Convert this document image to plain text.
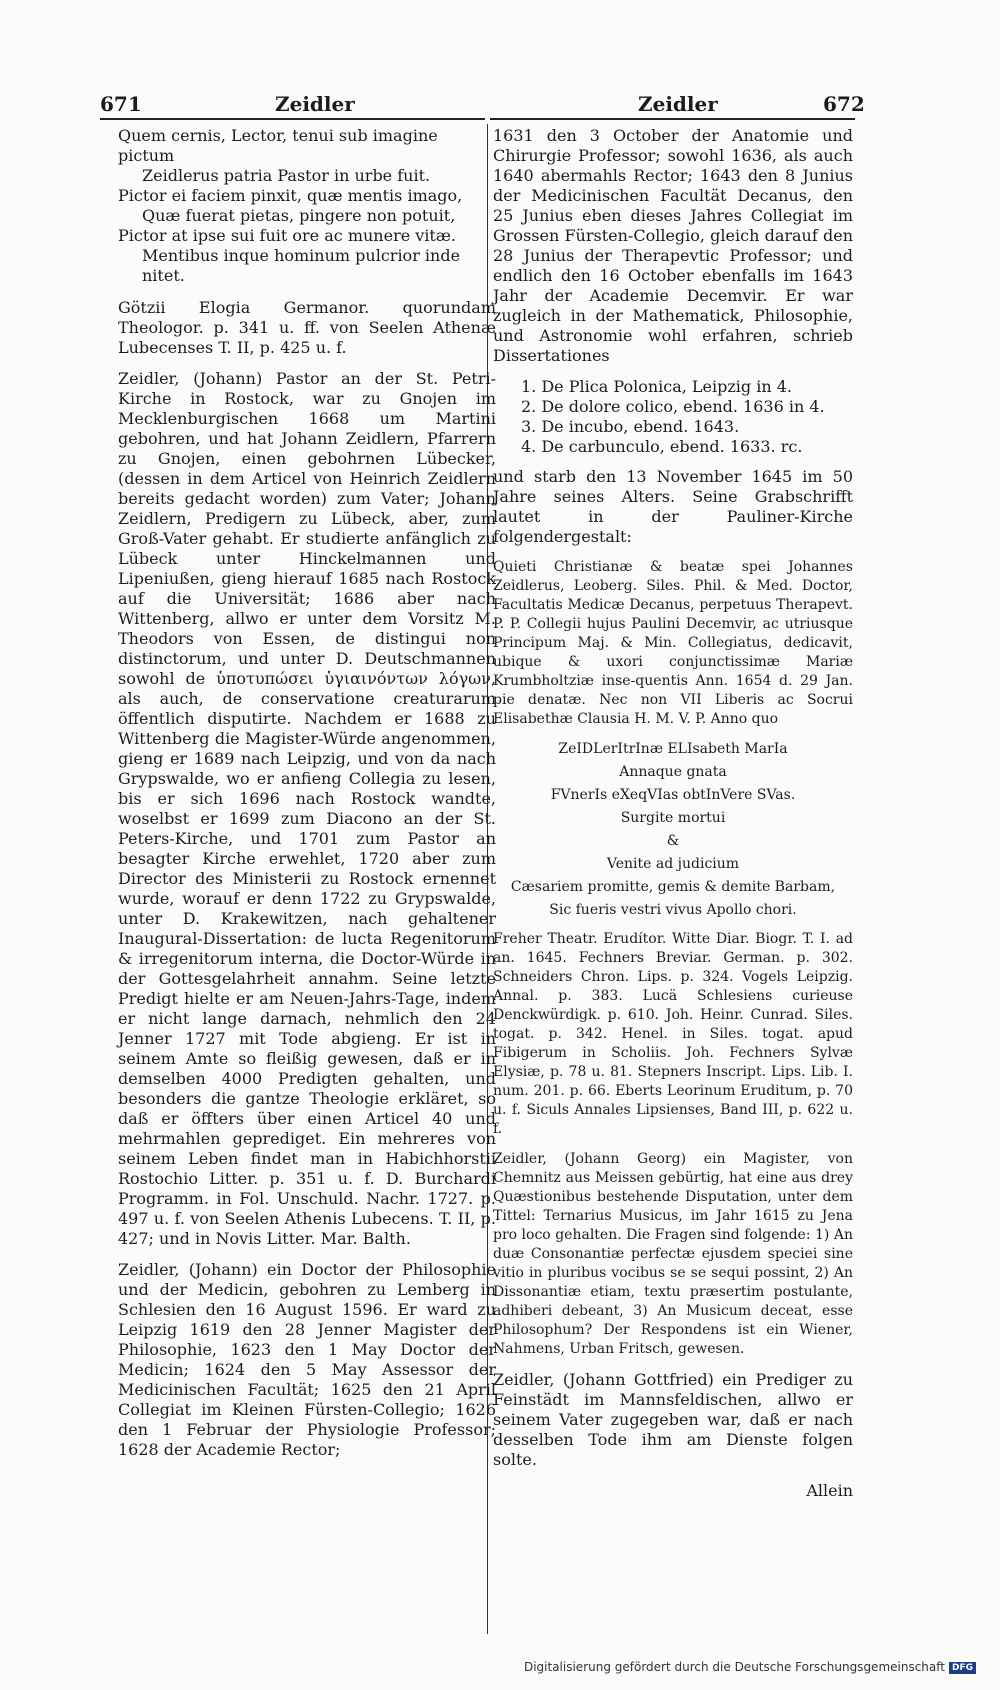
671	Zeidler	Zeidler	672
Quem cernis, Lector, tenui sub imagine pictum
Zeidlerus patria Pastor in urbe fuit.
Pictor ei faciem pinxit, quæ mentis imago,
Quæ fuerat pietas, pingere non potuit,
Pictor at ipse sui fuit ore ac munere vitæ.
Mentibus inque hominum pulcrior inde nitet.

Götzii Elogia Germanor. quorundam Theologor. p. 341 u. ff. von Seelen Athenæ Lubecenses T. II, p. 425 u. f.

Zeidler, (Johann) Pastor an der St. Petri-Kirche in Rostock, war zu Gnojen im Mecklenburgischen 1668 um Martini gebohren, und hat Johann Zeidlern, Pfarrern zu Gnojen, einen gebohrnen Lübecker, (dessen in dem Articel von Heinrich Zeidlern bereits gedacht worden) zum Vater; Johann Zeidlern, Predigern zu Lübeck, aber, zum Groß-Vater gehabt. Er studierte anfänglich zu Lübeck unter Hinckelmannen und Lipeniußen, gieng hierauf 1685 nach Rostock auf die Universität; 1686 aber nach Wittenberg, allwo er unter dem Vorsitz M. Theodors von Essen, de distingui non distinctorum, und unter D. Deutschmannen sowohl de ὑποτυπώσει ὑγιαινόντων λόγων, als auch, de conservatione creaturarum öffentlich disputirte. Nachdem er 1688 zu Wittenberg die Magister-Würde angenommen, gieng er 1689 nach Leipzig, und von da nach Grypswalde, wo er anfieng Collegia zu lesen, bis er sich 1696 nach Rostock wandte, woselbst er 1699 zum Diacono an der St. Peters-Kirche, und 1701 zum Pastor an besagter Kirche erwehlet, 1720 aber zum Director des Ministerii zu Rostock ernennet wurde, worauf er denn 1722 zu Grypswalde, unter D. Krakewitzen, nach gehaltener Inaugural-Dissertation: de lucta Regenitorum & irregenitorum interna, die Doctor-Würde in der Gottesgelahrheit annahm. Seine letzte Predigt hielte er am Neuen-Jahrs-Tage, indem er nicht lange darnach, nehmlich den 24 Jenner 1727 mit Tode abgieng. Er ist in seinem Amte so fleißig gewesen, daß er in demselben 4000 Predigten gehalten, und besonders die gantze Theologie erkläret, so daß er öffters über einen Articel 40 und mehrmahlen geprediget. Ein mehreres von seinem Leben findet man in Habichhorstii Rostochio Litter. p. 351 u. f. D. Burchardi Programm. in Fol. Unschuld. Nachr. 1727. p. 497 u. f. von Seelen Athenis Lubecens. T. II, p. 427; und in Novis Litter. Mar. Balth.

Zeidler, (Johann) ein Doctor der Philosophie und der Medicin, gebohren zu Lemberg in Schlesien den 16 August 1596. Er ward zu Leipzig 1619 den 28 Jenner Magister der Philosophie, 1623 den 1 May Doctor der Medicin; 1624 den 5 May Assessor der Medicinischen Facultät; 1625 den 21 April Collegiat im Kleinen Fürsten-Collegio; 1626 den 1 Februar der Physiologie Professor; 1628 der Academie Rector;

1631 den 3 October der Anatomie und Chirurgie Professor; sowohl 1636, als auch 1640 abermahls Rector; 1643 den 8 Junius der Medicinischen Facultät Decanus, den 25 Junius eben dieses Jahres Collegiat im Grossen Fürsten-Collegio, gleich darauf den 28 Junius der Therapevtic Professor; und endlich den 16 October ebenfalls im 1643 Jahr der Academie Decemvir. Er war zugleich in der Mathematick, Philosophie, und Astronomie wohl erfahren, schrieb Dissertationes

1. De Plica Polonica, Leipzig in 4.
2. De dolore colico, ebend. 1636 in 4.
3. De incubo, ebend. 1643.
4. De carbunculo, ebend. 1633. rc.

und starb den 13 November 1645 im 50 Jahre seines Alters. Seine Grabschrifft lautet in der Pauliner-Kirche folgendergestalt:

Quieti Christianæ & beatæ spei Johannes Zeidlerus, Leoberg. Siles. Phil. & Med. Doctor, Facultatis Medicæ Decanus, perpetuus Therapevt. P. P. Collegii hujus Paulini Decemvir, ac utriusque Principum Maj. & Min. Collegiatus, dedicavit, ubique & uxori conjunctissimæ Mariæ Krumbholtziæ inse-quentis Ann. 1654 d. 29 Jan. pie denatæ. Nec non VII Liberis ac Socrui Elisabethæ Clausia H. M. V. P. Anno quo

ZeIDLerItrInæ ELIsabeth MarIa

Annaque gnata

FVnerIs eXeqVIas obtInVere SVas.

Surgite mortui

&

Venite ad judicium

Cæsariem promitte, gemis & demite Barbam,

Sic fueris vestri vivus Apollo chori.

Freher Theatr. Erudítor. Witte Diar. Biogr. T. I. ad an. 1645. Fechners Breviar. German. p. 302. Schneiders Chron. Lips. p. 324. Vogels Leipzig. Annal. p. 383. Lucä Schlesiens curieuse Denckwürdigk. p. 610. Joh. Heinr. Cunrad. Siles. togat. p. 342. Henel. in Siles. togat. apud Fibigerum in Scholiis. Joh. Fechners Sylvæ Elysiæ, p. 78 u. 81. Stepners Inscript. Lips. Lib. I. num. 201. p. 66. Eberts Leorinum Eruditum, p. 70 u. f. Siculs Annales Lipsienses, Band III, p. 622 u. f.

Zeidler, (Johann Georg) ein Magister, von Chemnitz aus Meissen gebürtig, hat eine aus drey Quæstionibus bestehende Disputation, unter dem Tittel: Ternarius Musicus, im Jahr 1615 zu Jena pro loco gehalten. Die Fragen sind folgende: 1) An duæ Consonantiæ perfectæ ejusdem speciei sine vitio in pluribus vocibus se se sequi possint, 2) An Dissonantiæ etiam, textu præsertim postulante, adhiberi debeant, 3) An Musicum deceat, esse Philosophum? Der Respondens ist ein Wiener, Nahmens, Urban Fritsch, gewesen.

Zeidler, (Johann Gottfried) ein Prediger zu Feinstädt im Mannsfeldischen, allwo er seinem Vater zugegeben war, daß er nach desselben Tode ihm am Dienste folgen solte.

Allein

Digitalisierung gefördert durch die Deutsche Forschungsgemeinschaft DFG
